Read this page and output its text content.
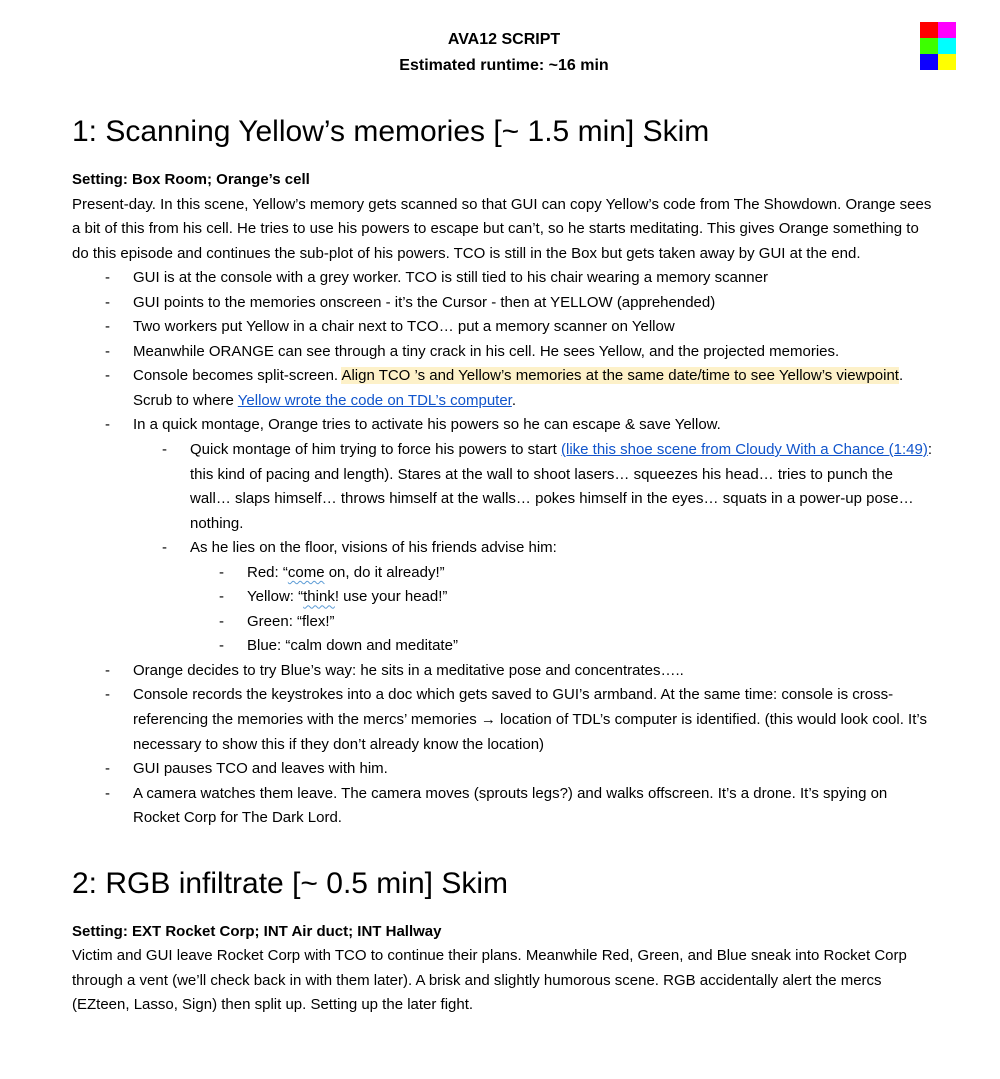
AVA12 SCRIPT
Estimated runtime: ~16 min
1: Scanning Yellow’s memories [~ 1.5 min] Skim

Setting: Box Room; Orange’s cell

Present-day. In this scene, Yellow’s memory gets scanned so that GUI can copy Yellow’s code from The Showdown. Orange sees a bit of this from his cell. He tries to use his powers to escape but can’t, so he starts meditating. This gives Orange something to do this episode and continues the sub-plot of his powers. TCO is still in the Box but gets taken away by GUI at the end.

-	GUI is at the console with a grey worker. TCO is still tied to his chair wearing a memory scanner
-	GUI points to the memories onscreen - it’s the Cursor - then at YELLOW (apprehended)
-	Two workers put Yellow in a chair next to TCO… put a memory scanner on Yellow
-	Meanwhile ORANGE can see through a tiny crack in his cell. He sees Yellow, and the projected memories.
-	Console becomes split-screen. Align TCO ’s and Yellow’s memories at the same date/time to see Yellow’s viewpoint. Scrub to where Yellow wrote the code on TDL’s computer.
-	In a quick montage, Orange tries to activate his powers so he can escape & save Yellow.
-	Quick montage of him trying to force his powers to start (like this shoe scene from Cloudy With a Chance (1:49): this kind of pacing and length). Stares at the wall to shoot lasers… squeezes his head… tries to punch the wall… slaps himself… throws himself at the walls… pokes himself in the eyes… squats in a power-up pose… nothing.
-	As he lies on the floor, visions of his friends advise him:
-	Red: “come on, do it already!”
-	Yellow: “think! use your head!”
-	Green: “flex!”
-	Blue: “calm down and meditate”
-	Orange decides to try Blue’s way: he sits in a meditative pose and concentrates…..
-	Console records the keystrokes into a doc which gets saved to GUI’s armband. At the same time: console is cross-referencing the memories with the mercs’ memories → location of TDL’s computer is identified. (this would look cool. It’s necessary to show this if they don’t already know the location)
-	GUI pauses TCO and leaves with him.
-	A camera watches them leave. The camera moves (sprouts legs?) and walks offscreen. It’s a drone. It’s spying on Rocket Corp for The Dark Lord.
2: RGB infiltrate [~ 0.5 min] Skim

Setting: EXT Rocket Corp; INT Air duct; INT Hallway

Victim and GUI leave Rocket Corp with TCO to continue their plans. Meanwhile Red, Green, and Blue sneak into Rocket Corp through a vent (we’ll check back in with them later). A brisk and slightly humorous scene. RGB accidentally alert the mercs (EZteen, Lasso, Sign) then split up. Setting up the later fight.
